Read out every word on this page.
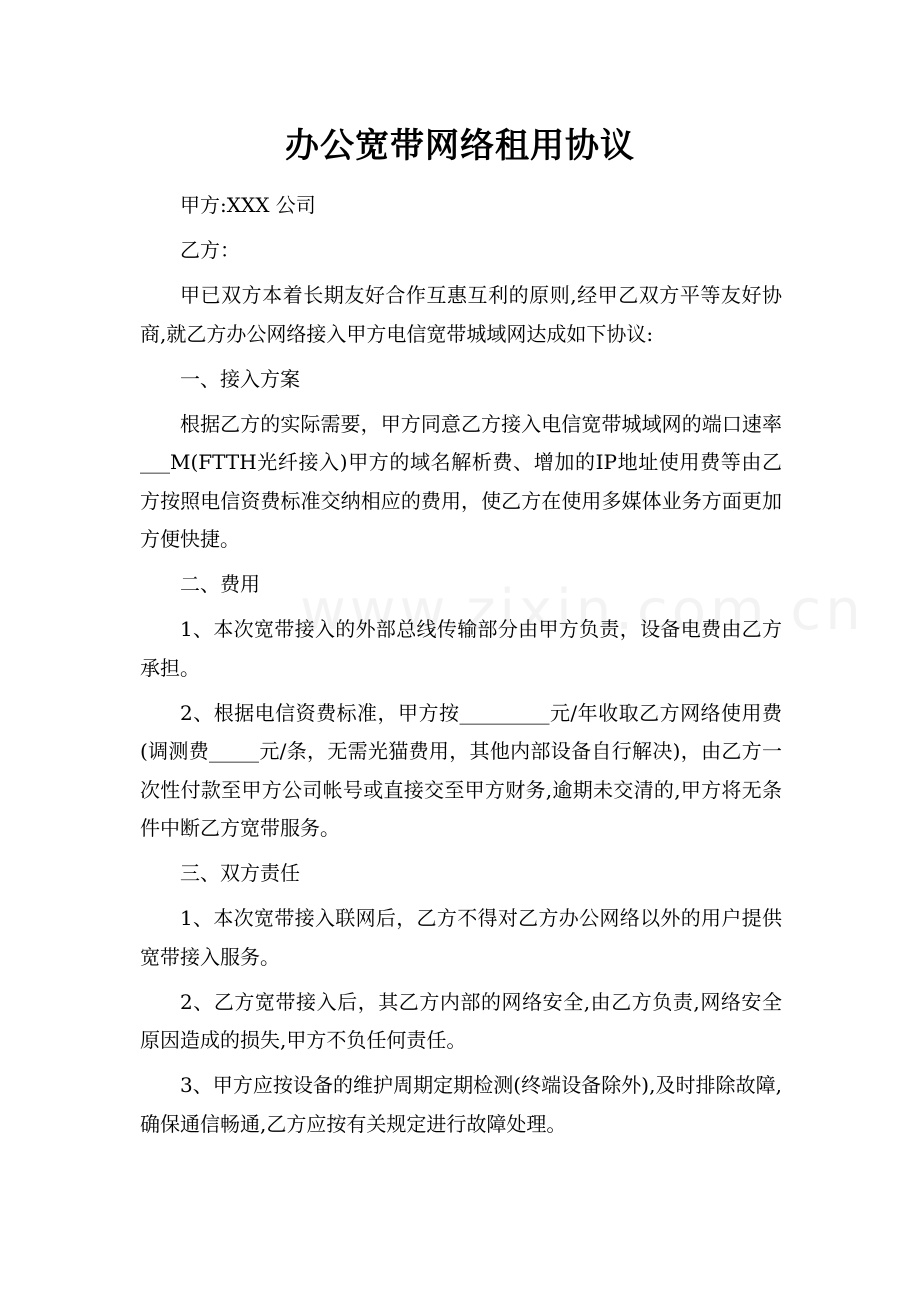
办公宽带网络租用协议

甲方:XXX 公司

乙方：

甲已双方本着长期友好合作互惠互利的原则,经甲乙双方平等友好协商,就乙方办公网络接入甲方电信宽带城域网达成如下协议:

一、接入方案

根据乙方的实际需要，甲方同意乙方接入电信宽带城域网的端口速率___M(FTTH光纤接入)甲方的域名解析费、增加的IP地址使用费等由乙方按照电信资费标准交纳相应的费用，使乙方在使用多媒体业务方面更加方便快捷。

二、费用

1、本次宽带接入的外部总线传输部分由甲方负责，设备电费由乙方承担。

2、根据电信资费标准，甲方按_________元/年收取乙方网络使用费(调测费_____元/条，无需光猫费用，其他内部设备自行解决)，由乙方一次性付款至甲方公司帐号或直接交至甲方财务,逾期未交清的,甲方将无条件中断乙方宽带服务。

三、双方责任

1、本次宽带接入联网后，乙方不得对乙方办公网络以外的用户提供宽带接入服务。

2、乙方宽带接入后，其乙方内部的网络安全,由乙方负责,网络安全原因造成的损失,甲方不负任何责任。

3、甲方应按设备的维护周期定期检测(终端设备除外),及时排除故障,确保通信畅通,乙方应按有关规定进行故障处理。
